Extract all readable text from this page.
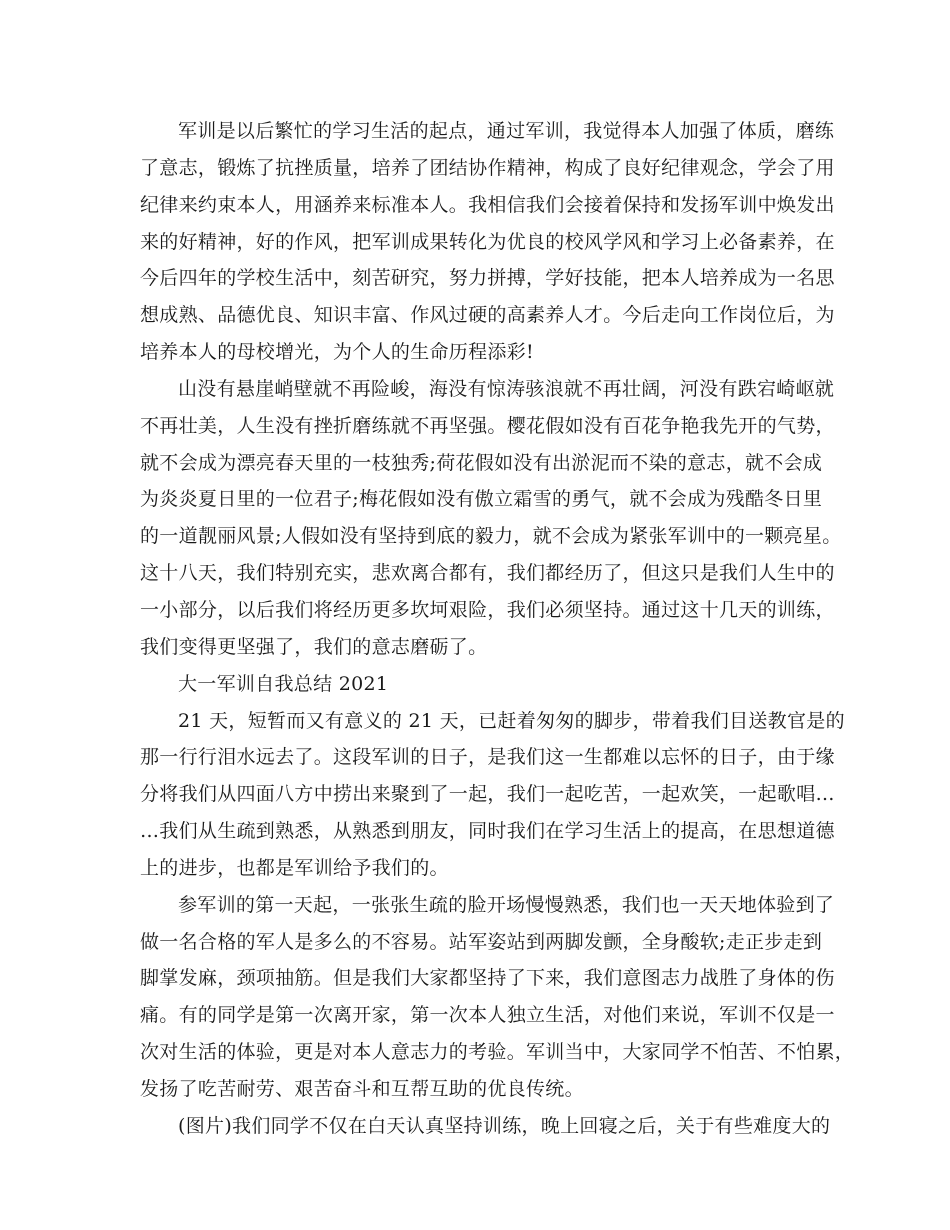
军训是以后繁忙的学习生活的起点，通过军训，我觉得本人加强了体质，磨练
了意志，锻炼了抗挫质量，培养了团结协作精神，构成了良好纪律观念，学会了用
纪律来约束本人，用涵养来标准本人。我相信我们会接着保持和发扬军训中焕发出
来的好精神，好的作风，把军训成果转化为优良的校风学风和学习上必备素养，在
今后四年的学校生活中，刻苦研究，努力拼搏，学好技能，把本人培养成为一名思
想成熟、品德优良、知识丰富、作风过硬的高素养人才。今后走向工作岗位后，为
培养本人的母校增光，为个人的生命历程添彩!
山没有悬崖峭壁就不再险峻，海没有惊涛骇浪就不再壮阔，河没有跌宕崎岖就
不再壮美，人生没有挫折磨练就不再坚强。樱花假如没有百花争艳我先开的气势，
就不会成为漂亮春天里的一枝独秀;荷花假如没有出淤泥而不染的意志，就不会成
为炎炎夏日里的一位君子;梅花假如没有傲立霜雪的勇气，就不会成为残酷冬日里
的一道靓丽风景;人假如没有坚持到底的毅力，就不会成为紧张军训中的一颗亮星。
这十八天，我们特别充实，悲欢离合都有，我们都经历了，但这只是我们人生中的
一小部分，以后我们将经历更多坎坷艰险，我们必须坚持。通过这十几天的训练，
我们变得更坚强了，我们的意志磨砺了。
大一军训自我总结 2021
21 天，短暂而又有意义的 21 天，已赶着匆匆的脚步，带着我们目送教官是的
那一行行泪水远去了。这段军训的日子，是我们这一生都难以忘怀的日子，由于缘
分将我们从四面八方中捞出来聚到了一起，我们一起吃苦，一起欢笑，一起歌唱…
…我们从生疏到熟悉，从熟悉到朋友，同时我们在学习生活上的提高，在思想道德
上的进步，也都是军训给予我们的。
参军训的第一天起，一张张生疏的脸开场慢慢熟悉，我们也一天天地体验到了
做一名合格的军人是多么的不容易。站军姿站到两脚发颤，全身酸软;走正步走到
脚掌发麻，颈项抽筋。但是我们大家都坚持了下来，我们意图志力战胜了身体的伤
痛。有的同学是第一次离开家，第一次本人独立生活，对他们来说，军训不仅是一
次对生活的体验，更是对本人意志力的考验。军训当中，大家同学不怕苦、不怕累，
发扬了吃苦耐劳、艰苦奋斗和互帮互助的优良传统。
(图片)我们同学不仅在白天认真坚持训练，晚上回寝之后，关于有些难度大的
